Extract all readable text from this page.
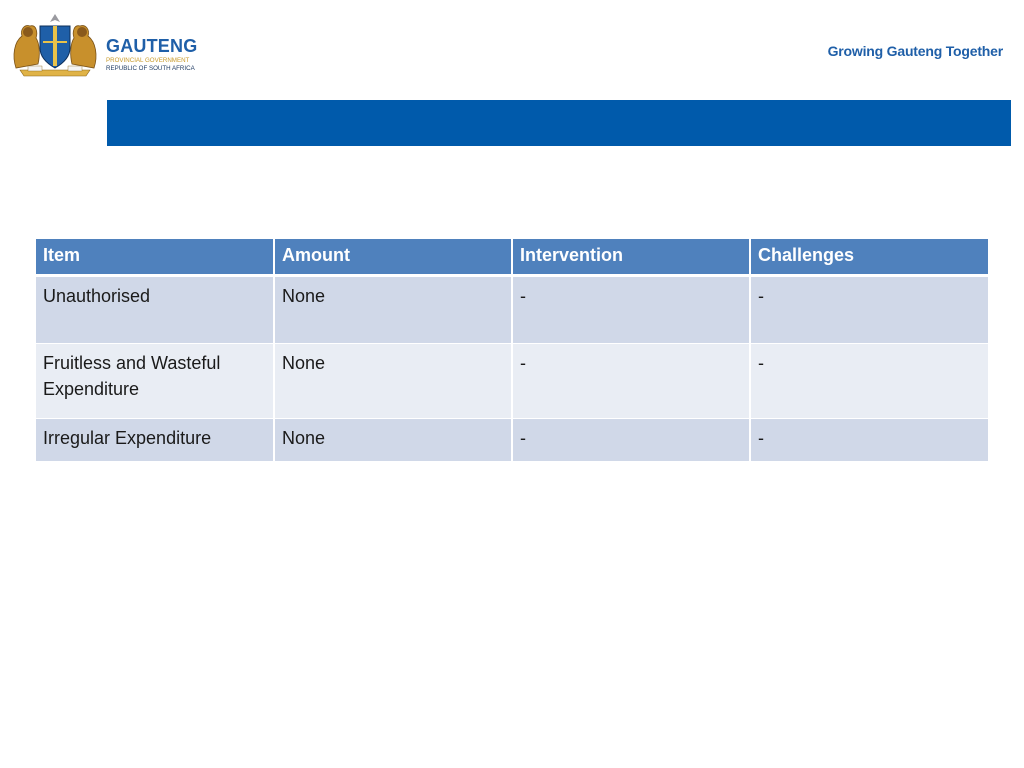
GAUTENG
PROVINCIAL GOVERNMENT
REPUBLIC OF SOUTH AFRICA
Growing Gauteng Together
Item	Amount	Intervention	Challenges
Unauthorised	None	-	-
Fruitless and Wasteful Expenditure	None	-	-
Irregular Expenditure	None	-	-
